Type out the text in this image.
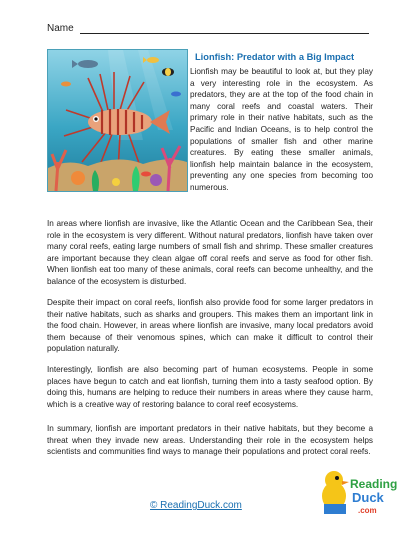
Name
Lionfish: Predator with a Big Impact
Lionfish may be beautiful to look at, but they play a very interesting role in the ecosystem. As predators, they are at the top of the food chain in many coral reefs and coastal waters. Their primary role in their native habitats, such as the Pacific and Indian Oceans, is to help control the populations of smaller fish and other marine creatures. By eating these smaller animals, lionfish help maintain balance in the ecosystem, preventing any one species from becoming too numerous.

In areas where lionfish are invasive, like the Atlantic Ocean and the Caribbean Sea, their role in the ecosystem is very different. Without natural predators, lionfish have taken over many coral reefs, eating large numbers of small fish and shrimp. These smaller creatures are important because they clean algae off coral reefs and serve as food for other fish. When lionfish eat too many of these animals, coral reefs can become unhealthy, and the balance of the ecosystem is disturbed.

Despite their impact on coral reefs, lionfish also provide food for some larger predators in their native habitats, such as sharks and groupers. This makes them an important link in the food chain. However, in areas where lionfish are invasive, many local predators avoid them because of their venomous spines, which can make it difficult to control their population naturally.

Interestingly, lionfish are also becoming part of human ecosystems. People in some places have begun to catch and eat lionfish, turning them into a tasty seafood option. By doing this, humans are helping to reduce their numbers in areas where they cause harm, which is a creative way of restoring balance to coral reef ecosystems.

In summary, lionfish are important predators in their native habitats, but they become a threat when they invade new areas. Understanding their role in the ecosystem helps scientists and communities find ways to manage their populations and protect coral reefs.

© ReadingDuck.com
Reading
Duck
.com
